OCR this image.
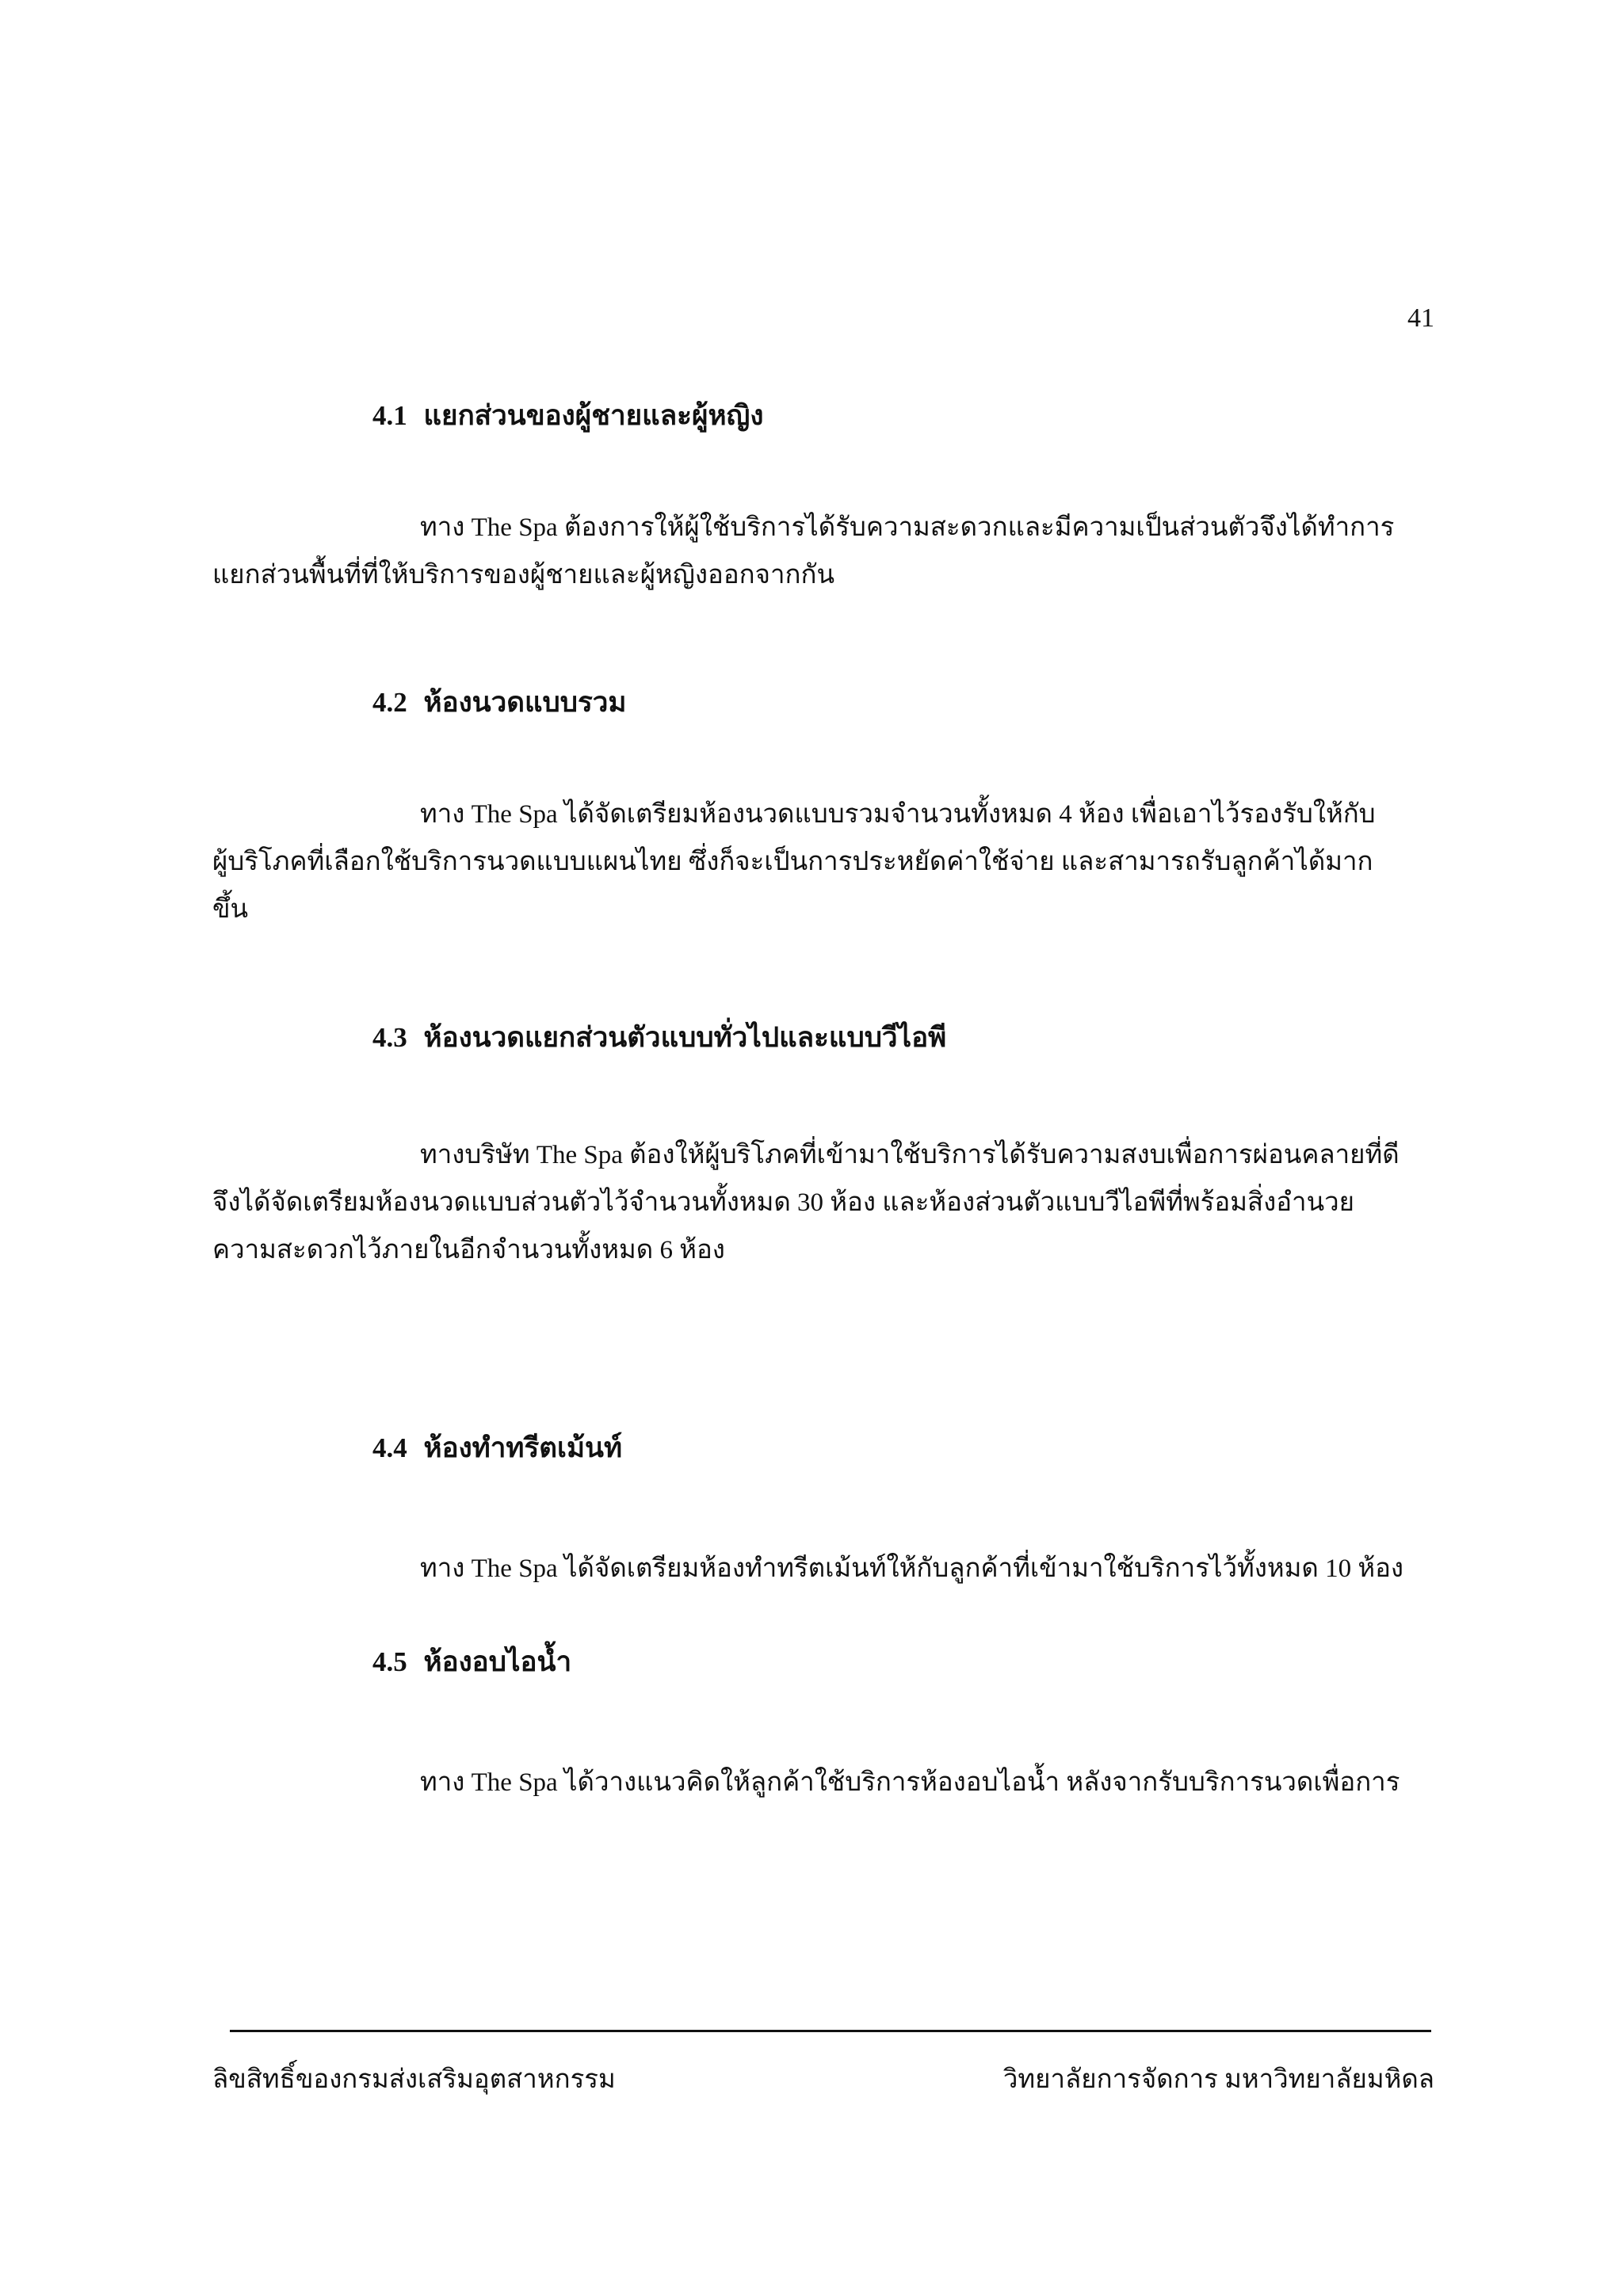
41
4.1 แยกส่วนของผู้ชายและผู้หญิง
ทาง The Spa ต้องการให้ผู้ใช้บริการได้รับความสะดวกและมีความเป็นส่วนตัวจึงได้ทำการ
แยกส่วนพื้นที่ที่ให้บริการของผู้ชายและผู้หญิงออกจากกัน
4.2 ห้องนวดแบบรวม
ทาง The Spa ได้จัดเตรียมห้องนวดแบบรวมจำนวนทั้งหมด 4 ห้อง เพื่อเอาไว้รองรับให้กับ
ผู้บริโภคที่เลือกใช้บริการนวดแบบแผนไทย ซึ่งก็จะเป็นการประหยัดค่าใช้จ่าย และสามารถรับลูกค้าได้มาก
ขึ้น
4.3 ห้องนวดแยกส่วนตัวแบบทั่วไปและแบบวีไอพี
ทางบริษัท The Spa ต้องให้ผู้บริโภคที่เข้ามาใช้บริการได้รับความสงบเพื่อการผ่อนคลายที่ดี
จึงได้จัดเตรียมห้องนวดแบบส่วนตัวไว้จำนวนทั้งหมด 30 ห้อง และห้องส่วนตัวแบบวีไอพีที่พร้อมสิ่งอำนวย
ความสะดวกไว้ภายในอีกจำนวนทั้งหมด 6 ห้อง
4.4 ห้องทำทรีตเม้นท์
ทาง The Spa ได้จัดเตรียมห้องทำทรีตเม้นท์ให้กับลูกค้าที่เข้ามาใช้บริการไว้ทั้งหมด 10 ห้อง
4.5 ห้องอบไอน้ำ
ทาง The Spa ได้วางแนวคิดให้ลูกค้าใช้บริการห้องอบไอน้ำ หลังจากรับบริการนวดเพื่อการ
ลิขสิทธิ์ของกรมส่งเสริมอุตสาหกรรม	วิทยาลัยการจัดการ มหาวิทยาลัยมหิดล
